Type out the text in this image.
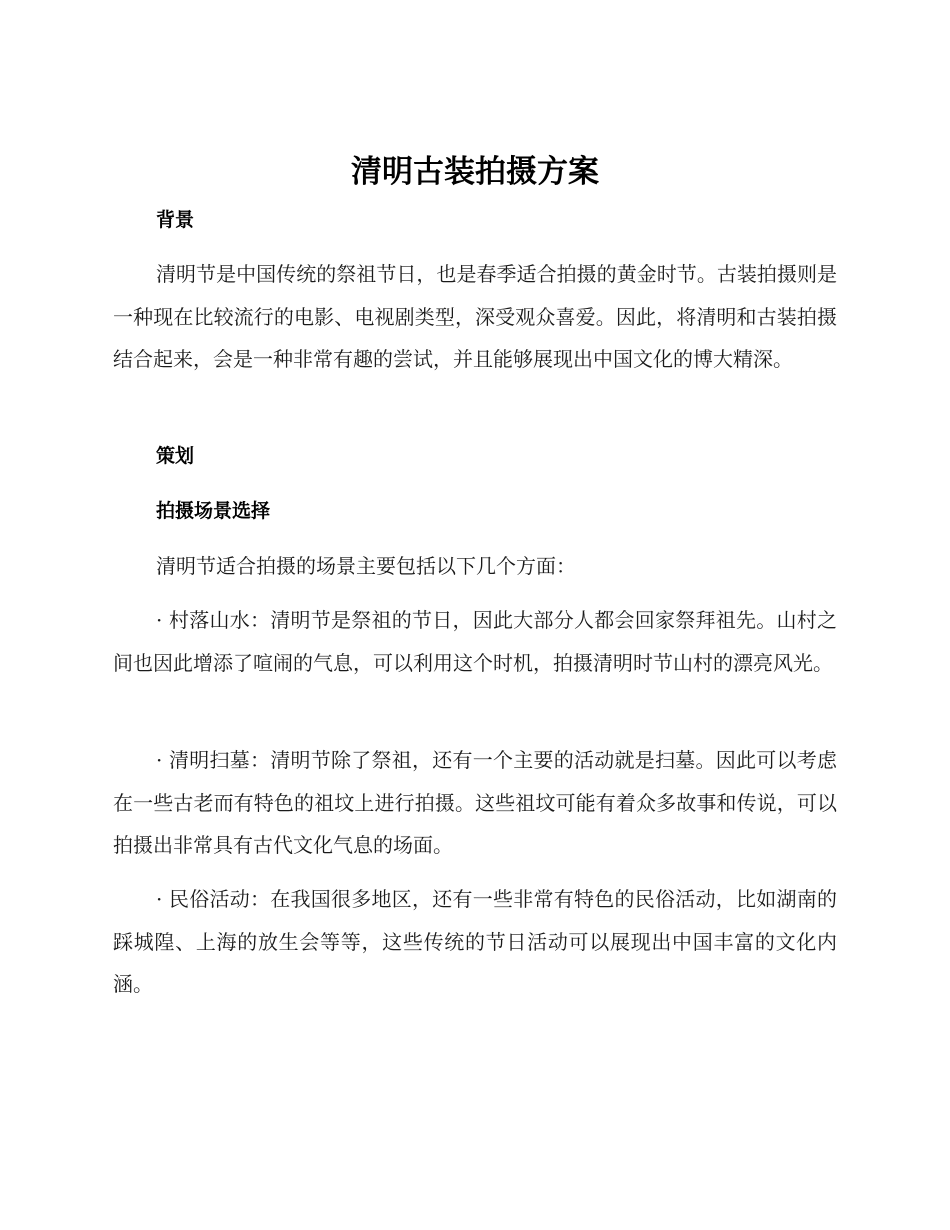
清明古装拍摄方案
背景

清明节是中国传统的祭祖节日，也是春季适合拍摄的黄金时节。古装拍摄则是一种现在比较流行的电影、电视剧类型，深受观众喜爱。因此，将清明和古装拍摄结合起来，会是一种非常有趣的尝试，并且能够展现出中国文化的博大精深。

策划
拍摄场景选择

清明节适合拍摄的场景主要包括以下几个方面：

· 村落山水：清明节是祭祖的节日，因此大部分人都会回家祭拜祖先。山村之间也因此增添了喧闹的气息，可以利用这个时机，拍摄清明时节山村的漂亮风光。

· 清明扫墓：清明节除了祭祖，还有一个主要的活动就是扫墓。因此可以考虑在一些古老而有特色的祖坟上进行拍摄。这些祖坟可能有着众多故事和传说，可以拍摄出非常具有古代文化气息的场面。

· 民俗活动：在我国很多地区，还有一些非常有特色的民俗活动，比如湖南的踩城隍、上海的放生会等等，这些传统的节日活动可以展现出中国丰富的文化内涵。
